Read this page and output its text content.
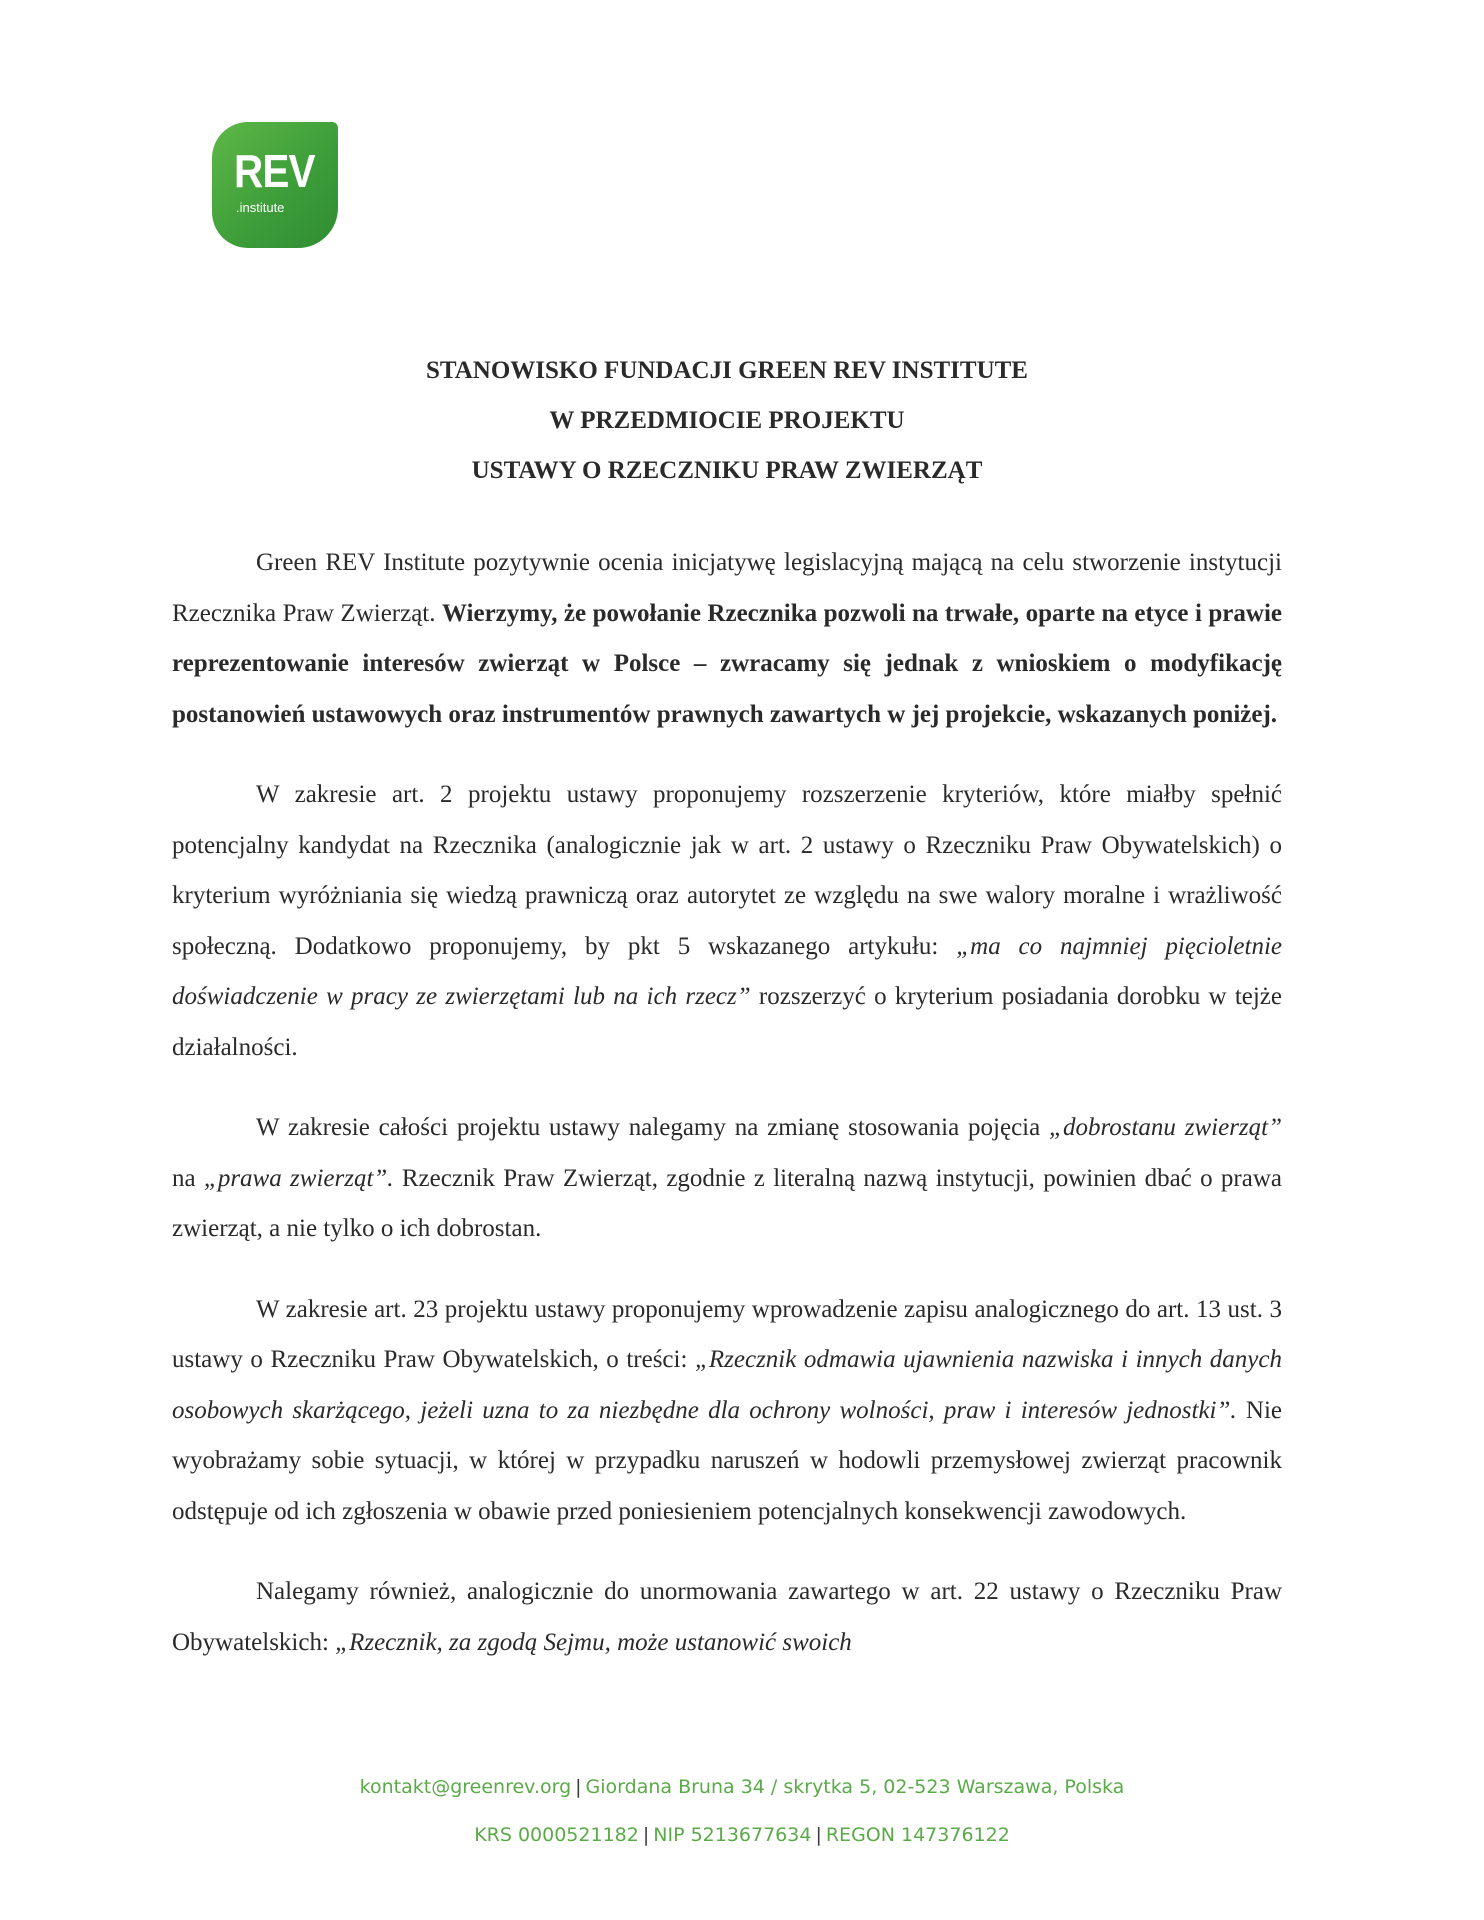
REV
.institute
STANOWISKO FUNDACJI GREEN REV INSTITUTE
W PRZEDMIOCIE PROJEKTU
USTAWY O RZECZNIKU PRAW ZWIERZĄT

Green REV Institute pozytywnie ocenia inicjatywę legislacyjną mającą na celu stworzenie instytucji Rzecznika Praw Zwierząt. Wierzymy, że powołanie Rzecznika pozwoli na trwałe, oparte na etyce i prawie reprezentowanie interesów zwierząt w Polsce – zwracamy się jednak z wnioskiem o modyfikację postanowień ustawowych oraz instrumentów prawnych zawartych w jej projekcie, wskazanych poniżej.

W zakresie art. 2 projektu ustawy proponujemy rozszerzenie kryteriów, które miałby spełnić potencjalny kandydat na Rzecznika (analogicznie jak w art. 2 ustawy o Rzeczniku Praw Obywatelskich) o kryterium wyróżniania się wiedzą prawniczą oraz autorytet ze względu na swe walory moralne i wrażliwość społeczną. Dodatkowo proponujemy, by pkt 5 wskazanego artykułu: „ma co najmniej pięcioletnie doświadczenie w pracy ze zwierzętami lub na ich rzecz” rozszerzyć o kryterium posiadania dorobku w tejże działalności.

W zakresie całości projektu ustawy nalegamy na zmianę stosowania pojęcia „dobrostanu zwierząt” na „prawa zwierząt”. Rzecznik Praw Zwierząt, zgodnie z literalną nazwą instytucji, powinien dbać o prawa zwierząt, a nie tylko o ich dobrostan.

W zakresie art. 23 projektu ustawy proponujemy wprowadzenie zapisu analogicznego do art. 13 ust. 3 ustawy o Rzeczniku Praw Obywatelskich, o treści: „Rzecznik odmawia ujawnienia nazwiska i innych danych osobowych skarżącego, jeżeli uzna to za niezbędne dla ochrony wolności, praw i interesów jednostki”. Nie wyobrażamy sobie sytuacji, w której w przypadku naruszeń w hodowli przemysłowej zwierząt pracownik odstępuje od ich zgłoszenia w obawie przed poniesieniem potencjalnych konsekwencji zawodowych.

Nalegamy również, analogicznie do unormowania zawartego w art. 22 ustawy o Rzeczniku Praw Obywatelskich: „Rzecznik, za zgodą Sejmu, może ustanowić swoich

kontakt@greenrev.org | Giordana Bruna 34 / skrytka 5, 02-523 Warszawa, Polska
KRS 0000521182 | NIP 5213677634 | REGON 147376122
